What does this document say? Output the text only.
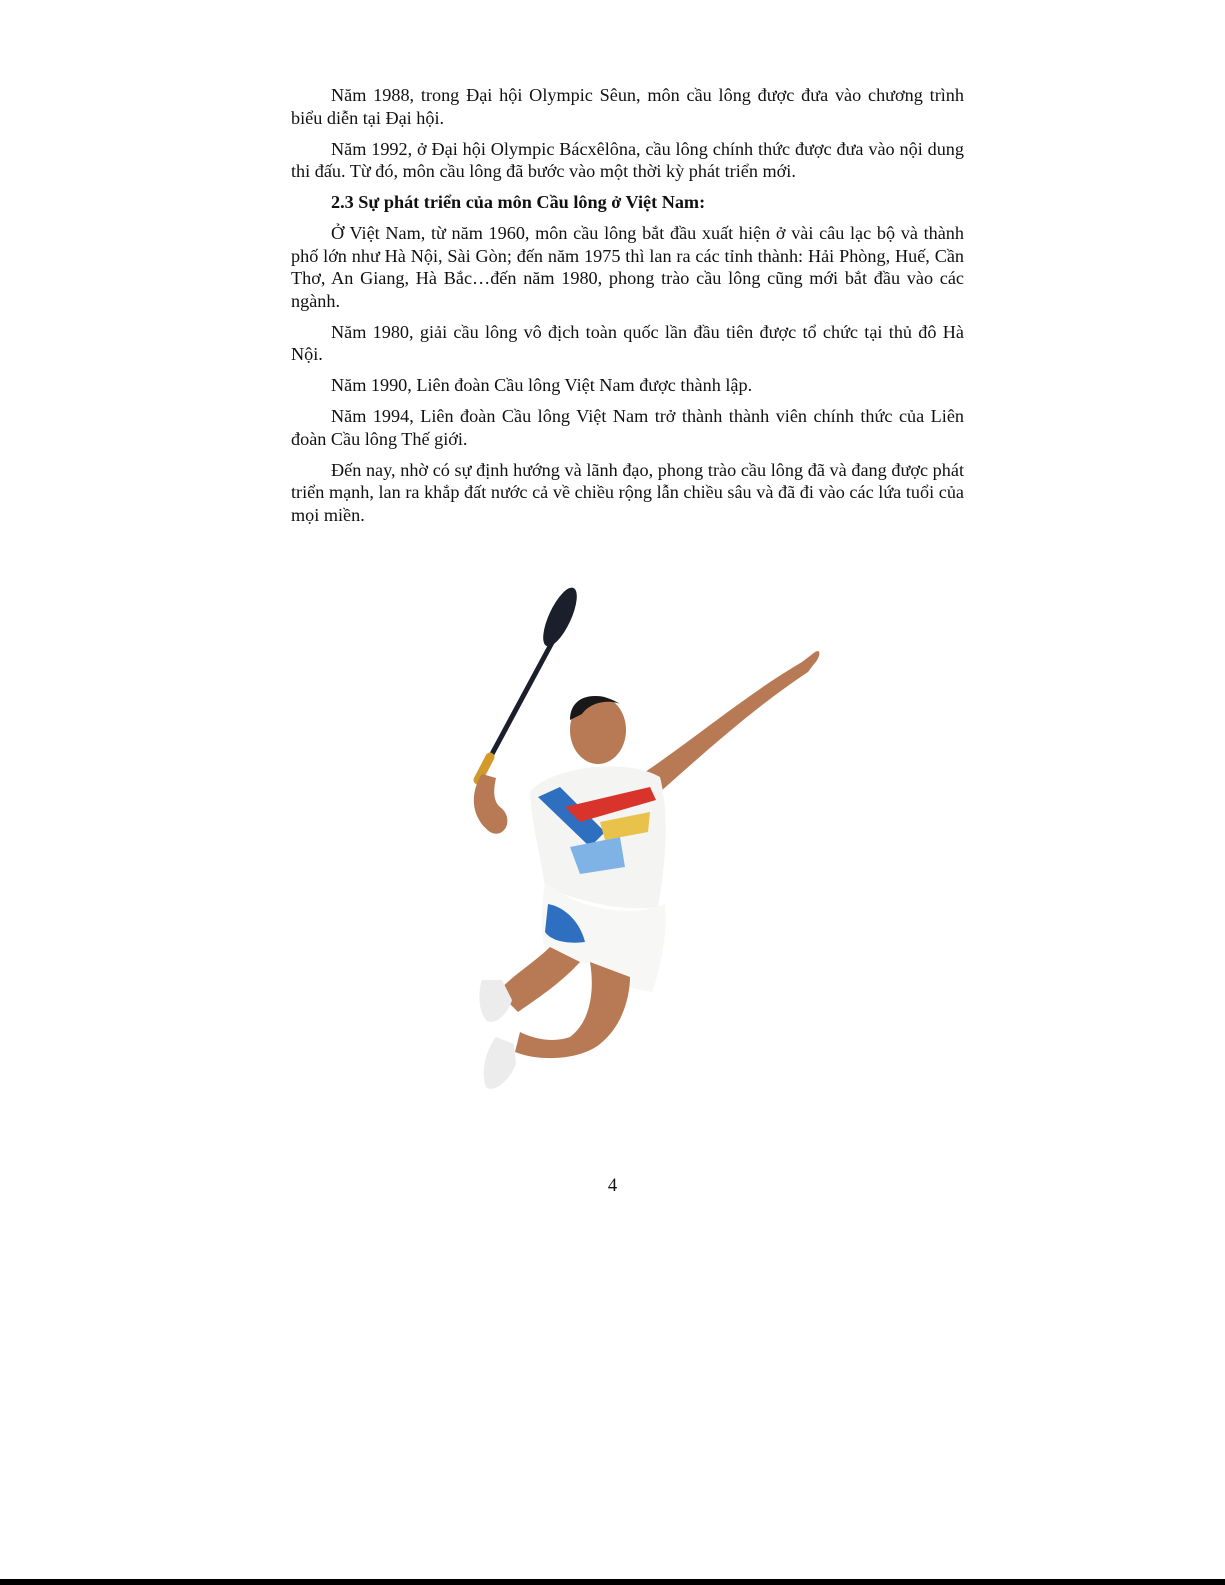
Năm 1988, trong Đại hội Olympic Sêun, môn cầu lông được đưa vào chương trình biểu diễn tại Đại hội.

Năm 1992, ở Đại hội Olympic Bácxêlôna, cầu lông chính thức được đưa vào nội dung thi đấu. Từ đó, môn cầu lông đã bước vào một thời kỳ phát triển mới.

2.3 Sự phát triển của môn Cầu lông ở Việt Nam:

Ở Việt Nam, từ năm 1960, môn cầu lông bắt đầu xuất hiện ở vài câu lạc bộ và thành phố lớn như Hà Nội, Sài Gòn; đến năm 1975 thì lan ra các tỉnh thành: Hải Phòng, Huế, Cần Thơ, An Giang, Hà Bắc…đến năm 1980, phong trào cầu lông cũng mới bắt đầu vào các ngành.

Năm 1980, giải cầu lông vô địch toàn quốc lần đầu tiên được tổ chức tại thủ đô Hà Nội.

Năm 1990, Liên đoàn Cầu lông Việt Nam được thành lập.

Năm 1994, Liên đoàn Cầu lông Việt Nam trở thành thành viên chính thức của Liên đoàn Cầu lông Thế giới.

Đến nay, nhờ có sự định hướng và lãnh đạo, phong trào cầu lông đã và đang được phát triển mạnh, lan ra khắp đất nước cả về chiều rộng lẫn chiều sâu và đã đi vào các lứa tuổi của mọi miền.

4
